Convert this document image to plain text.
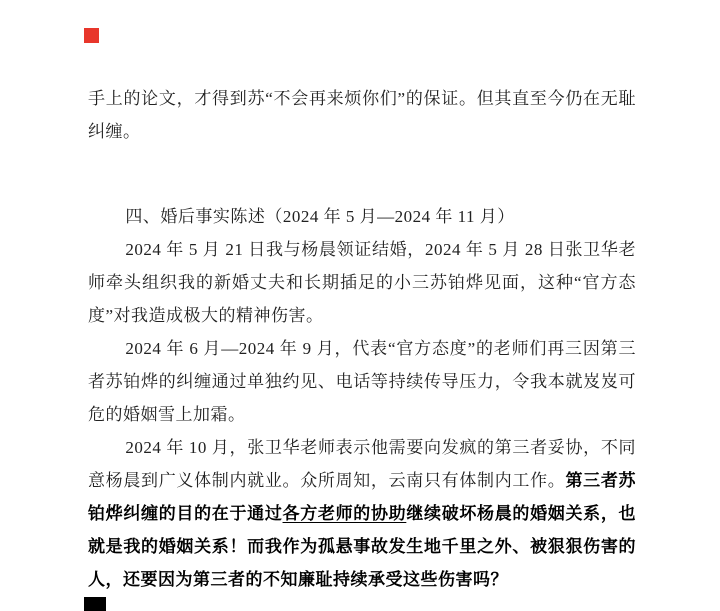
手上的论文，才得到苏“不会再来烦你们”的保证。但其直至今仍在无耻纠缠。
四、婚后事实陈述（2024 年 5 月—2024 年 11 月）
2024 年 5 月 21 日我与杨晨领证结婚，2024 年 5 月 28 日张卫华老师牵头组织我的新婚丈夫和长期插足的小三苏铂烨见面，这种“官方态度”对我造成极大的精神伤害。
2024 年 6 月—2024 年 9 月，代表“官方态度”的老师们再三因第三者苏铂烨的纠缠通过单独约见、电话等持续传导压力，令我本就岌岌可危的婚姻雪上加霜。
2024 年 10 月，张卫华老师表示他需要向发疯的第三者妥协，不同意杨晨到广义体制内就业。众所周知，云南只有体制内工作。第三者苏铂烨纠缠的目的在于通过各方老师的协助继续破坏杨晨的婚姻关系，也就是我的婚姻关系！而我作为孤悬事故发生地千里之外、被狠狠伤害的人，还要因为第三者的不知廉耻持续承受这些伤害吗？
